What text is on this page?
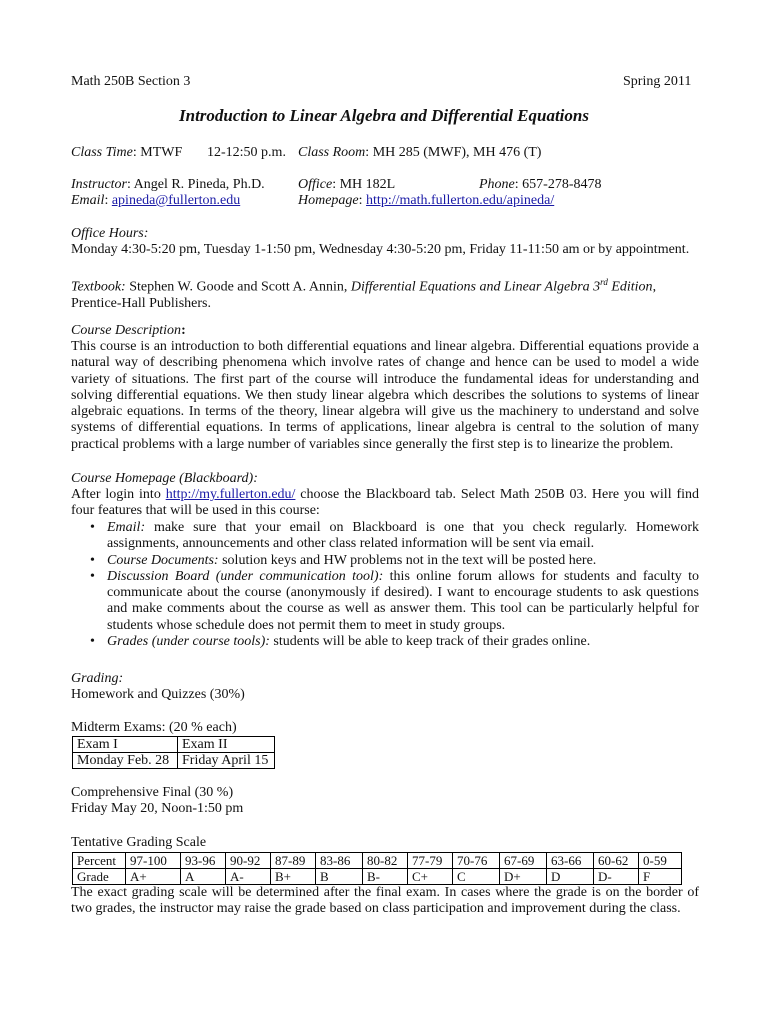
Math 250B Section 3	Spring 2011
Introduction to Linear Algebra and Differential Equations
Class Time: MTWF 12-12:50 p.m. Class Room: MH 285 (MWF), MH 476 (T)
Instructor: Angel R. Pineda, Ph.D. Office: MH 182L	Phone: 657-278-8478
Email: apineda@fullerton.edu	Homepage: http://math.fullerton.edu/apineda/
Office Hours:
Monday 4:30-5:20 pm, Tuesday 1-1:50 pm, Wednesday 4:30-5:20 pm, Friday 11-11:50 am or by appointment.
Textbook: Stephen W. Goode and Scott A. Annin, Differential Equations and Linear Algebra 3rd Edition,
Prentice-Hall Publishers.
Course Description:
This course is an introduction to both differential equations and linear algebra. Differential equations provide a natural way of describing phenomena which involve rates of change and hence can be used to model a wide variety of situations. The first part of the course will introduce the fundamental ideas for understanding and solving differential equations. We then study linear algebra which describes the solutions to systems of linear algebraic equations. In terms of the theory, linear algebra will give us the machinery to understand and solve systems of differential equations. In terms of applications, linear algebra is central to the solution of many practical problems with a large number of variables since generally the first step is to linearize the problem.
Course Homepage (Blackboard):
After login into http://my.fullerton.edu/ choose the Blackboard tab. Select Math 250B 03. Here you will find four features that will be used in this course:
• Email: make sure that your email on Blackboard is one that you check regularly. Homework assignments, announcements and other class related information will be sent via email.
• Course Documents: solution keys and HW problems not in the text will be posted here.
• Discussion Board (under communication tool): this online forum allows for students and faculty to communicate about the course (anonymously if desired). I want to encourage students to ask questions and make comments about the course as well as answer them. This tool can be particularly helpful for students whose schedule does not permit them to meet in study groups.
• Grades (under course tools): students will be able to keep track of their grades online.
Grading:
Homework and Quizzes (30%)
Midterm Exams: (20 % each)
Exam I	Exam II
Monday Feb. 28	Friday April 15
Comprehensive Final (30 %)
Friday May 20, Noon-1:50 pm
Tentative Grading Scale
Percent	97-100	93-96	90-92	87-89	83-86	80-82	77-79	70-76	67-69	63-66	60-62	0-59
Grade	A+	A	A-	B+	B	B-	C+	C	D+	D	D-	F
The exact grading scale will be determined after the final exam. In cases where the grade is on the border of two grades, the instructor may raise the grade based on class participation and improvement during the class.
